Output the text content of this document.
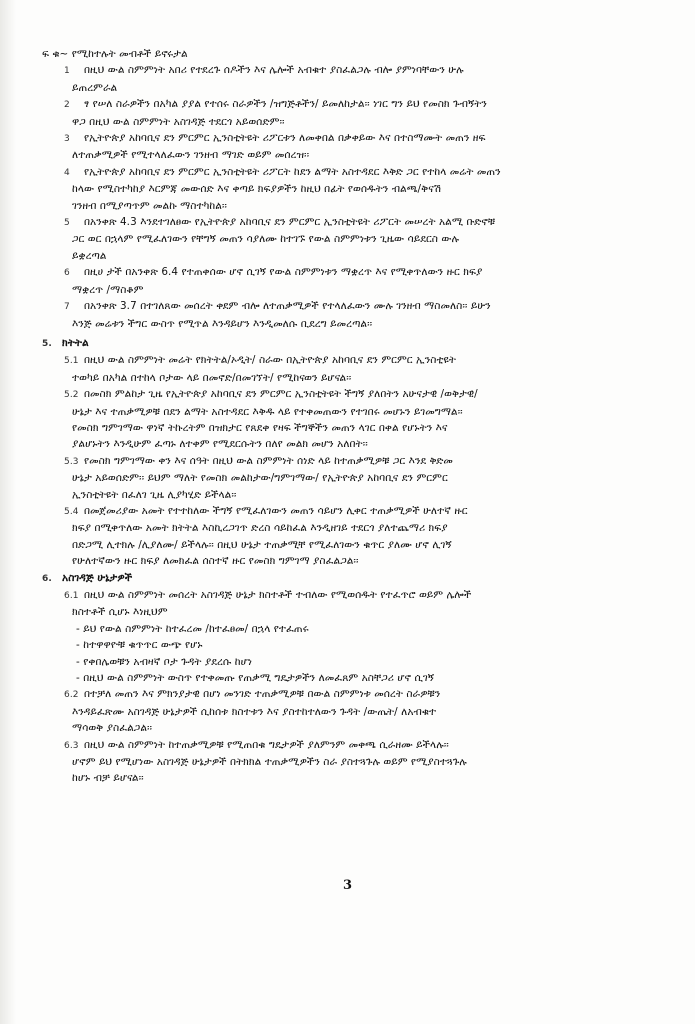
ፍ ቁ~ የሚከተሉት መብቶች ይኖሩታል
1 በዚህ ውል ስምምነት አበሪ የተደረጉ ሰዶችን እና ሌሎች አብቁተ ያስፈልጋሉ ብሎ ያምነባቸውን ሁሉ
ይጠረምራል
2 ፃ የሠለ ስራዎችን በአካል ያያል የተሰሩ ስራዎችን /ዝግጅቶችን/ ይመለከታል፡፡ ነገር ግን ይህ የመስክ ጉብኝትን
ዋጋ በዚህ ውል ስምምነት አስገዳጅ ተደርጎ አይወሰድም፡፡
3 የኢትዮጵያ አከባቢና ደን ምርምር ኢንስቲትዩት ሪፖርቱን ለመቀበል በቃቀይው እና በተስማሙት መጠን ዘፍ
ለተጠቃሚዎች የሚተላለፈውን ገንዘብ ማገድ ወይም መሰረዝ፡፡
4 የኢትዮጵያ አከባቢና ደን ምርምር ኢንስቲትዩት ሪፖርት ከደን ልማት አስተዳደር እቅድ ጋር የተከላ መሬት መጠን
ከላው የሚስተካከያ እርምጃ መውሰድ እና ቀጣይ ክፍያዎችን ከዚህ በፊት የወሰዱትን ብልጫ/ቅናሽ
ገንዘብ በሚያጣጥም መልኩ ማስተካከል፡፡
5 በአንቀጽ 4.3 እንደተገለፀው የኢትዮጵያ አከባቢና ደን ምርምር ኢንስቲትዩት ሪፖርት መሠረት አልሚ ቡድኖቹ
ጋር ወር በኋላም የሚፈለገውን የቸግኝ መጠን ሳያለሙ ከተገኙ የውል ስምምነቱን ጊዜው ሳይደርስ ውሉ
ይቋረጣል
6 በዚሀ ታች በአንቀጽ 6.4 የተጠቀሰው ሆኖ ሲገኝ የውል ስምምነቱን ማቋረጥ እና የሚቀጥለውን ዙር ክፍያ
ማቋረጥ /ማስቆም
7 በአንቀጽ 3.7 በተገለጸው መሰረት ቀደም ብሎ ለተጠቃሚዎች የተላለፈውን ሙሉ ገንዘብ ማስመለስ፡፡ ይሁን
እንጅ መሬቱን ችግር ውስጥ የሚጥል እንዳይሆን እንዲመለሱ ቢደረግ ይመረጣል፡፡
5. ክትትል
5.1 በዚህ ውል ስምምነት መሬት የክትትል/ኦዲት/ ስራው በኢትዮጵያ አከባቢና ደን ምርምር ኢንስቲዩት
ተወካይ በአካል በተከላ ቦታው ላይ በመኖድ/በመገኘት/ የሚከናወን ይሆናል፡፡
5.2 በመስክ ምልከታ ጊዜ የኢትዮጵያ አከባቢና ደን ምርምር ኢንስቲትዩት ችግኝ ያለበትን አሁናታዊ /ወቅታዊ/
ሁኔታ እና ተጠቃሚዎቹ በደን ልማት አስተዳደር እቅዱ ላይ የተቀመጠውን የተገበሩ መሆኑን ይገመግማል፡፡
የመስክ ግምገማው ዋነኛ ትኩረትም በዝክታር የጸደቀ የዛፍ ችግኞችን መጠን ላገር በቀል የሆኑትን እና
ያልሆኑትን እንዲሁም ፈጣኑ ለተቀም የሚደርሱትን በለየ መልክ መሆን አለበት፡፡
5.3 የመስክ ግምገማው ቀን እና ሰዓት በዚህ ውል ስምምነት ሰነድ ላይ ከተጠቃሚዎቹ ጋር እንደ ቅድመ
ሁኔታ አይወሰድም፡፡ ይህም ማለት የመስክ መልከታው/ግምገማው/ የኢትዮጵያ አከባቢና ደን ምርምር
ኢንስቲትዩት በፈለገ ጊዜ ሊያካሂድ ይችላል፡፡
5.4 በመጀመሪያው አመት የተተከለው ችግኝ የሚፈለገውን መጠን ሳይሆን ሊቀር ተጠቃሚዎች ሁለተኛ ዙር
ክፍያ በሚቀጥለው አመት ክትትል እስኪረጋገጥ ድረስ ሳይከፈል እንዲዘገይ ተደርጎ ያለተጨማሪ ክፍያ
በድጋሚ ሊተክሉ /ሊያለሙ/ ይችላሉ፡፡ በዚህ ሁኔታ ተጠቃሚቸ የሚፈለገውን ቁጥር ያለሙ ሆኖ ሊገኝ
የሁለተኛውን ዙር ክፍያ ለመክፈል ሰስተኛ ዙር የመስክ ግምገማ ያስፈልጋል፡፡
6. አስገዳጅ ሁኔታዎች
6.1 በዚህ ውል ስምምነት መሰረት አስገዳጅ ሁኔታ ክስተቶች ተብለው የሚወሰዱት የተፈጥሮ ወይም ሌሎች
ክስተቶች ሲሆኑ እነዚህም
- ይህ የውል ስምምነት ከተፈረመ /ከተፈፀመ/ በኋላ የተፈጠሩ
- ከተዋዋዮቹ ቁጥጥር ውጭ የሆኑ
- የቀበሌወቹን አብዛኛ ቦታ ጉዳት ያደረሱ ከሆነ
- በዚህ ውል ስምምነት ውስጥ የተቀመጡ የጠቃሚ ግዴታዎችን ለመፈጸም አስቸጋሪ ሆኖ ሲገኝ
6.2 በተቻለ መጠን እና ምክንያታዊ በሆነ መንገድ ተጠቃሚዎቹ በውል ስምምነቱ መሰረት ስራዎቹን
እንዳይፈጽሙ አስገዳጅ ሁኔታዎች ሲከሰቱ ክስተቱን እና ያስተከተለውን ጉዳት /ውጤት/ ለአብቁተ
ማሳወቅ ያስፈልጋል፡፡
6.3 በዚህ ውል ስምምነት ከተጠቃሚዎቹ የሚጠበቁ ግዴታዎች ያለምንም መቀጫ ሲራዘሙ ይችላሉ፡፡
ሆኖም ይህ የሚሆነው አስገዳጅ ሁኔታዎች በትክክል ተጠቃሚዎችን ስራ ያስተጓጉሉ ወይም የሚያስተጓጉሉ
ከሆኑ ብቻ ይሆናል፡፡
3
